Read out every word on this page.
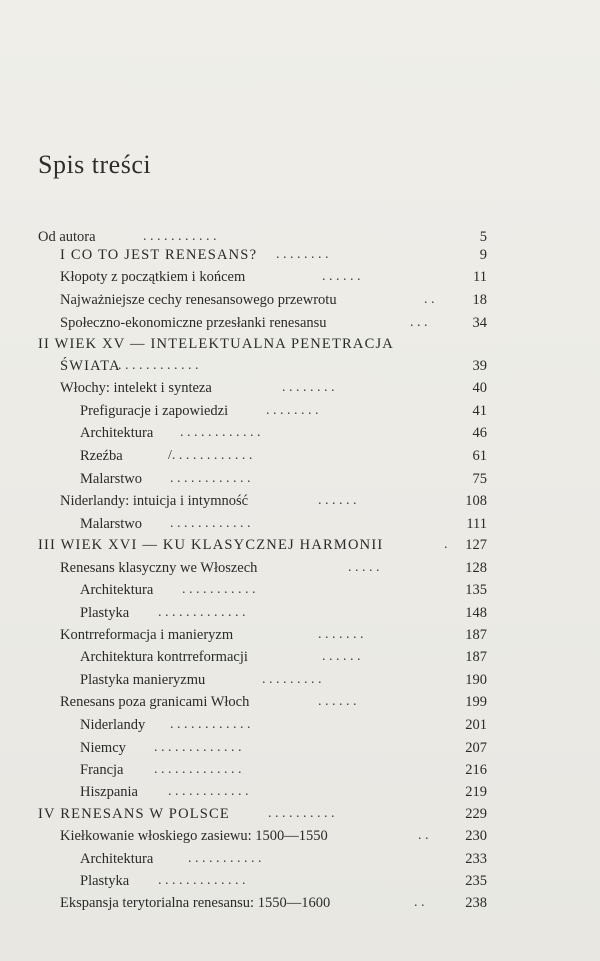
Spis treści
Od autora	. . . . . . . . . . .	5
I CO TO JEST RENESANS? . . . . . . . .	9
Kłopoty z początkiem i końcem	. . . . . .	11
Najważniejsze cechy renesansowego przewrotu	. .	18
Społeczno-ekonomiczne przesłanki renesansu	. . .	34
II WIEK XV — INTELEKTUALNA PENETRACJA
ŚWIATA
. . . . . . . . . . . .	39
Włochy: intelekt i synteza	. . . . . . . .	40
Prefiguracje i zapowiedzi	. . . . . . . .	41
Architektura . . . . . . . . . . . .	46
Rzeźba	/. . . . . . . . . . . .	61
Malarstwo . . . . . . . . . . . .	75
Niderlandy: intuicja i intymność	. . . . . .	108
Malarstwo . . . . . . . . . . . .	111
III WIEK XVI — KU KLASYCZNEJ HARMONII	.	127
Renesans klasyczny we Włoszech	. . . . .	128
Architektura . . . . . . . . . . .	135
Plastyka . . . . . . . . . . . . .	148
Kontrreformacja i manieryzm	. . . . . . .	187
Architektura kontrreformacji	. . . . . .	187
Plastyka manieryzmu	. . . . . . . . .	190
Renesans poza granicami Włoch	. . . . . .	199
Niderlandy . . . . . . . . . . . .	201
Niemcy . . . . . . . . . . . . .	207
Francja . . . . . . . . . . . . .	216
Hiszpania . . . . . . . . . . . .	219
IV RENESANS W POLSCE	. . . . . . . . . .	229
Kiełkowanie włoskiego zasiewu: 1500—1550	. .	230
Architektura . . . . . . . . . . .	233
Plastyka . . . . . . . . . . . . .	235
Ekspansja terytorialna renesansu: 1550—1600	. .	238
